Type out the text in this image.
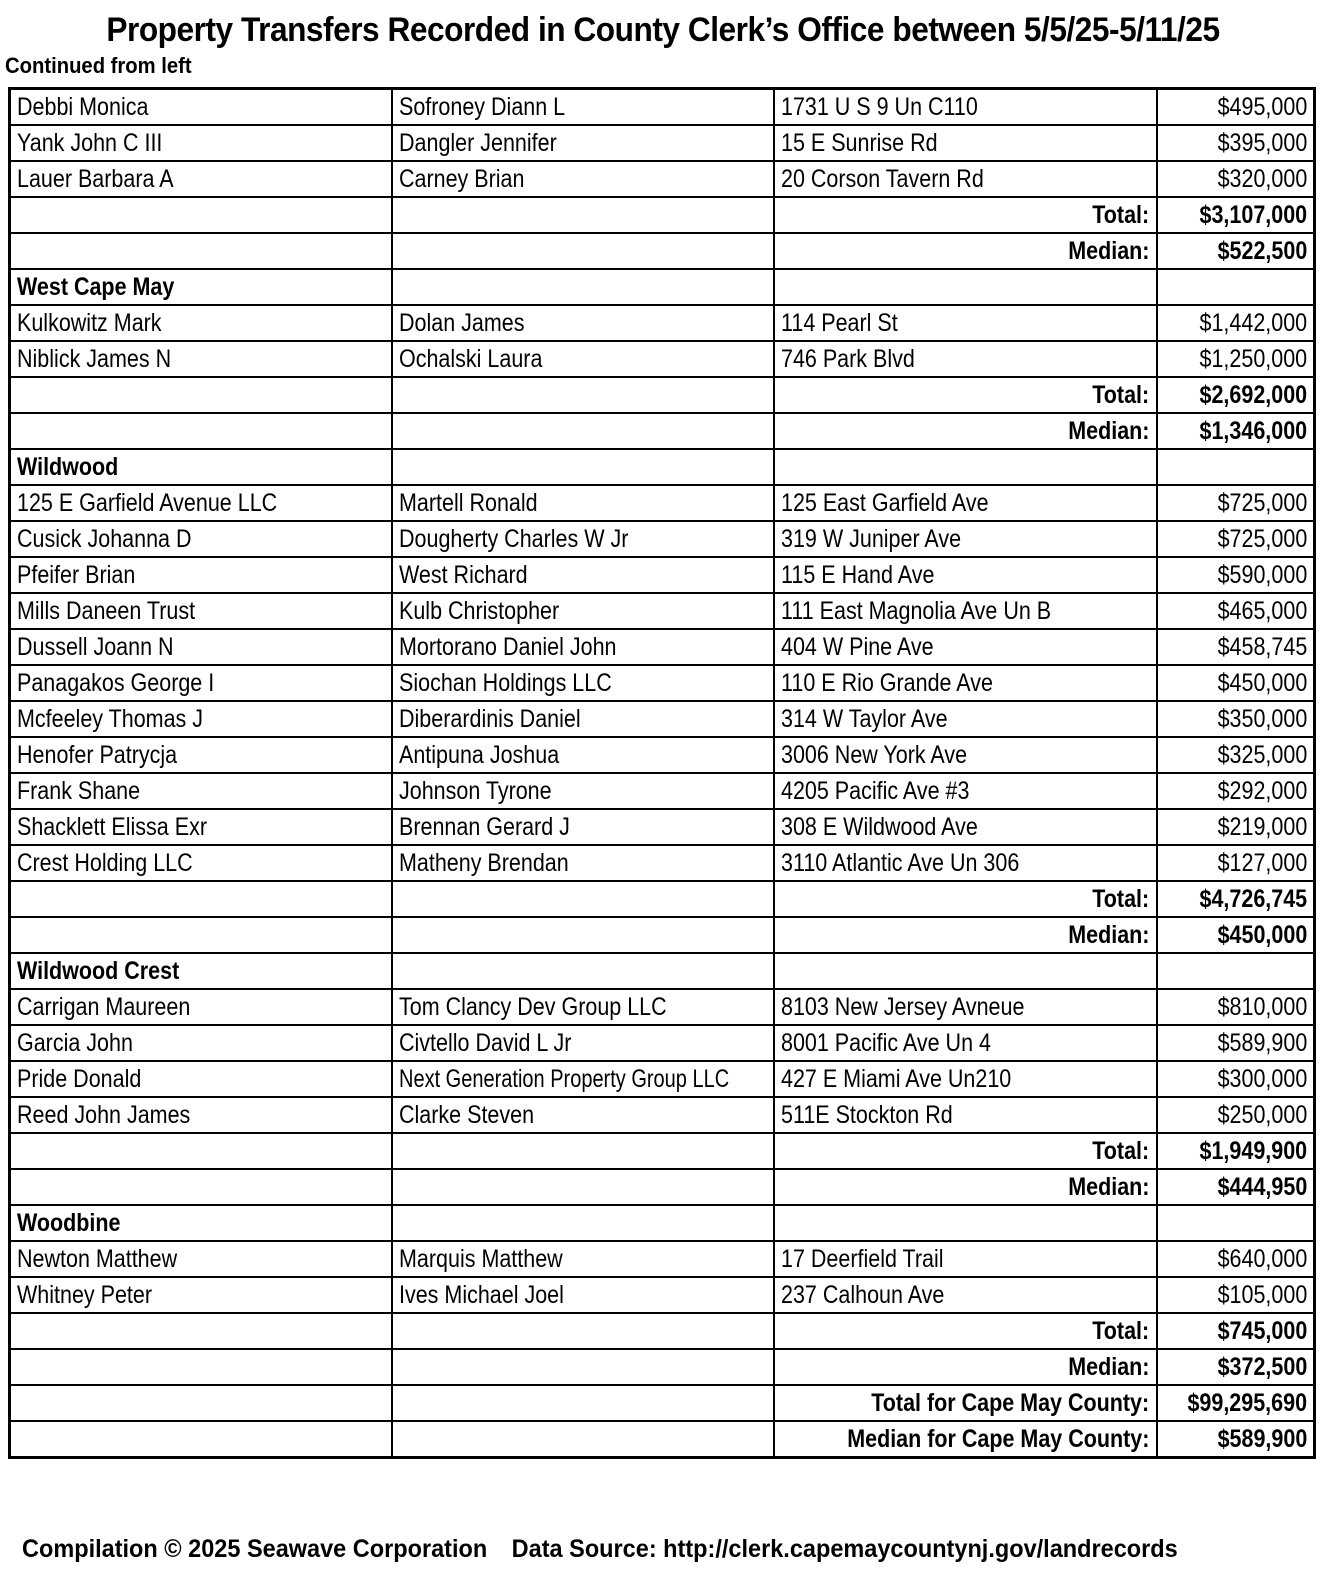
Property Transfers Recorded in County Clerk’s Office between 5/5/25-5/11/25
Continued from left
Debbi Monica	Sofroney Diann L	1731 U S 9 Un C110	$495,000
Yank John C III	Dangler Jennifer	15 E Sunrise Rd	$395,000
Lauer Barbara A	Carney Brian	20 Corson Tavern Rd	$320,000
		Total:	$3,107,000
		Median:	$522,500
West Cape May			
Kulkowitz Mark	Dolan James	114 Pearl St	$1,442,000
Niblick James N	Ochalski Laura	746 Park Blvd	$1,250,000
		Total:	$2,692,000
		Median:	$1,346,000
Wildwood			
125 E Garfield Avenue LLC	Martell Ronald	125 East Garfield Ave	$725,000
Cusick Johanna D	Dougherty Charles W Jr	319 W Juniper Ave	$725,000
Pfeifer Brian	West Richard	115 E Hand Ave	$590,000
Mills Daneen Trust	Kulb Christopher	111 East Magnolia Ave Un B	$465,000
Dussell Joann N	Mortorano Daniel John	404 W Pine Ave	$458,745
Panagakos George I	Siochan Holdings LLC	110 E Rio Grande Ave	$450,000
Mcfeeley Thomas J	Diberardinis Daniel	314 W Taylor Ave	$350,000
Henofer Patrycja	Antipuna Joshua	3006 New York Ave	$325,000
Frank Shane	Johnson Tyrone	4205 Pacific Ave #3	$292,000
Shacklett Elissa Exr	Brennan Gerard J	308 E Wildwood Ave	$219,000
Crest Holding LLC	Matheny Brendan	3110 Atlantic Ave Un 306	$127,000
		Total:	$4,726,745
		Median:	$450,000
Wildwood Crest			
Carrigan Maureen	Tom Clancy Dev Group LLC	8103 New Jersey Avneue	$810,000
Garcia John	Civtello David L Jr	8001 Pacific Ave Un 4	$589,900
Pride Donald	Next Generation Property Group LLC	427 E Miami Ave Un210	$300,000
Reed John James	Clarke Steven	511E Stockton Rd	$250,000
		Total:	$1,949,900
		Median:	$444,950
Woodbine			
Newton Matthew	Marquis Matthew	17 Deerfield Trail	$640,000
Whitney Peter	Ives Michael Joel	237 Calhoun Ave	$105,000
		Total:	$745,000
		Median:	$372,500
		Total for Cape May County:	$99,295,690
		Median for Cape May County:	$589,900
Compilation © 2025 Seawave Corporation Data Source: http://clerk.capemaycountynj.gov/landrecords
